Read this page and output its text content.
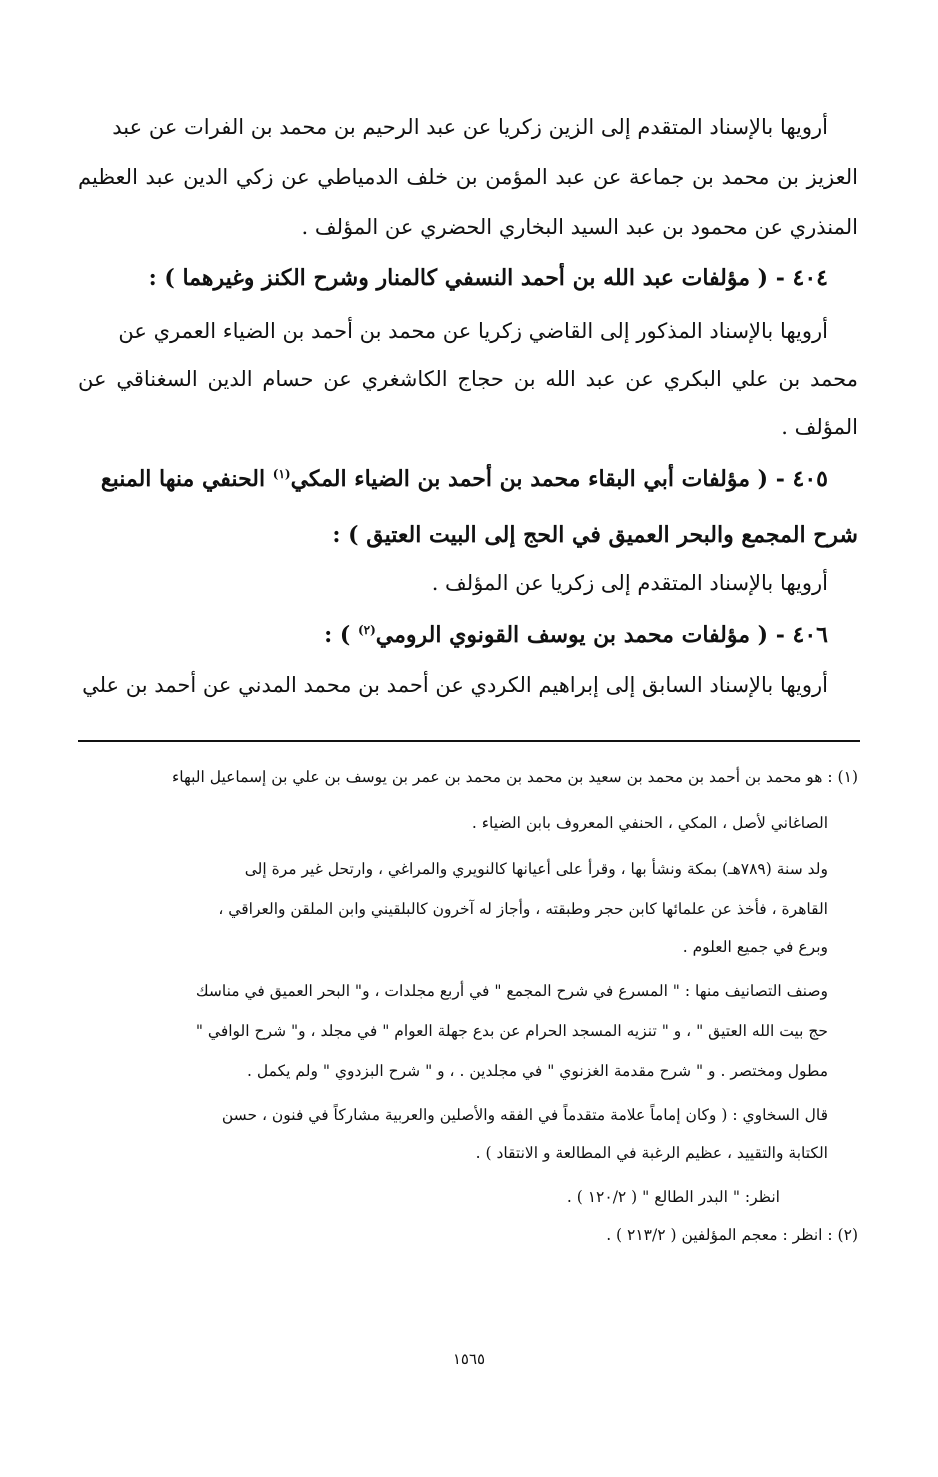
أرويها بالإسناد المتقدم إلى الزين زكريا عن عبد الرحيم بن محمد بن الفرات عن عبد
العزيز بن محمد بن جماعة عن عبد المؤمن بن خلف الدمياطي عن زكي الدين عبد العظيم
المنذري عن محمود بن عبد السيد البخاري الحضري عن المؤلف .
٤٠٤ - ( مؤلفات عبد الله بن أحمد النسفي كالمنار وشرح الكنز وغيرهما ) :
أرويها بالإسناد المذكور إلى القاضي زكريا عن محمد بن أحمد بن الضياء العمري عن
محمد بن علي البكري عن عبد الله بن حجاج الكاشغري عن حسام الدين السغناقي عن
المؤلف .
٤٠٥ - ( مؤلفات أبي البقاء محمد بن أحمد بن الضياء المكي$^{(١)}$ الحنفي منها المنبع
شرح المجمع والبحر العميق في الحج إلى البيت العتيق ) :
أرويها بالإسناد المتقدم إلى زكريا عن المؤلف .
٤٠٦ - ( مؤلفات محمد بن يوسف القونوي الرومي$^{(٢)}$ ) :
أرويها بالإسناد السابق إلى إبراهيم الكردي عن أحمد بن محمد المدني عن أحمد بن علي
(١) : هو محمد بن أحمد بن محمد بن سعيد بن محمد بن محمد بن عمر بن يوسف بن علي بن إسماعيل البهاء
الصاغاني لأصل ، المكي ، الحنفي المعروف بابن الضياء .
ولد سنة (٧٨٩هـ) بمكة ونشأ بها ، وقرأ على أعيانها كالنويري والمراغي ، وارتحل غير مرة إلى
القاهرة ، فأخذ عن علمائها كابن حجر وطبقته ، وأجاز له آخرون كالبلقيني وابن الملقن والعراقي ،
وبرع في جميع العلوم .
وصنف التصانيف منها : " المسرع في شرح المجمع " في أربع مجلدات ، و" البحر العميق في مناسك
حج بيت الله العتيق " ، و " تنزيه المسجد الحرام عن بدع جهلة العوام " في مجلد ، و" شرح الوافي "
مطول ومختصر . و " شرح مقدمة الغزنوي " في مجلدين . ، و " شرح البزدوي " ولم يكمل .
قال السخاوي : ( وكان إماماً علامة متقدماً في الفقه والأصلين والعربية مشاركاً في فنون ، حسن
الكتابة والتقييد ، عظيم الرغبة في المطالعة و الانتقاد ) .
انظر: " البدر الطالع " ( ١٢٠/٢ ) .
(٢) : انظر : معجم المؤلفين ( ٢١٣/٢ ) .
١٥٦٥
